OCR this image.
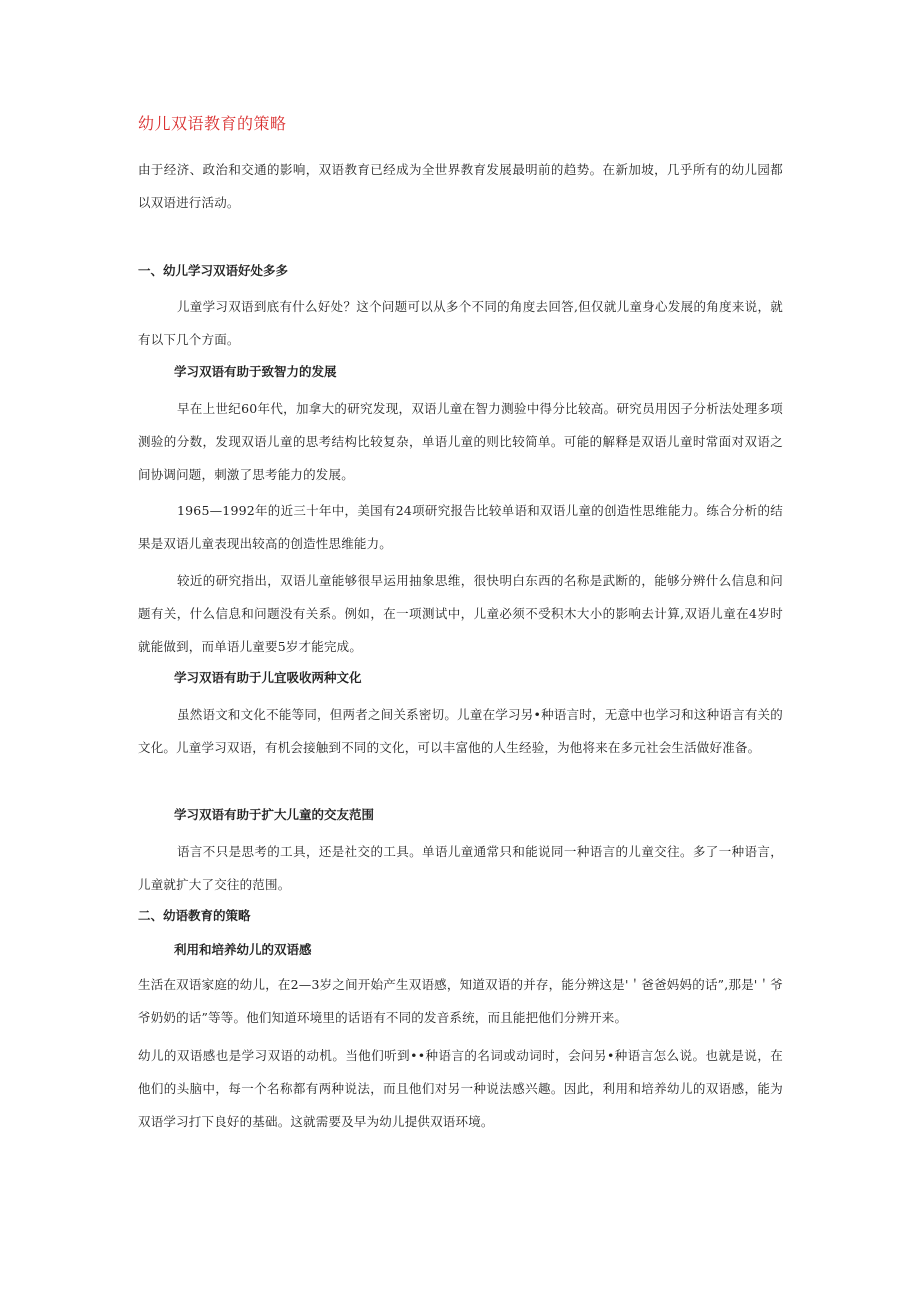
幼儿双语教育的策略
由于经济、政治和交通的影响，双语教育已经成为全世界教育发展最明前的趋势。在新加坡，几乎所有的幼儿园都以双语进行活动。
一、幼儿学习双语好处多多
儿童学习双语到底有什么好处？这个问题可以从多个不同的角度去回答,但仅就儿童身心发展的角度来说，就有以下几个方面。
学习双语有助于致智力的发展
早在上世纪60年代，加拿大的研究发现，双语儿童在智力测验中得分比较高。研究员用因子分析法处理多项测验的分数，发现双语儿童的思考结构比较复杂，单语儿童的则比较简单。可能的解释是双语儿童时常面对双语之间协调问题，刺激了思考能力的发展。
1965—1992年的近三十年中，美国有24项研究报告比较单语和双语儿童的创造性思维能力。练合分析的结果是双语儿童表现出较高的创造性思维能力。
较近的研究指出，双语儿童能够很早运用抽象思维，很快明白东西的名称是武断的，能够分辨什么信息和问题有关，什么信息和问题没有关系。例如，在一项测试中，儿童必须不受积木大小的影响去计算,双语儿童在4岁时就能做到，而单语儿童要5岁才能完成。
学习双语有助于儿宜吸收两种文化
虽然语文和文化不能等同，但两者之间关系密切。儿童在学习另•种语言时，无意中也学习和这种语言有关的文化。儿童学习双语，有机会接触到不同的文化，可以丰富他的人生经验，为他将来在多元社会生活做好准备。
学习双语有助于扩大儿童的交友范围
语言不只是思考的工具，还是社交的工具。单语儿童通常只和能说同一种语言的儿童交往。多了一种语言，儿童就扩大了交往的范围。
二、幼语教育的策略
利用和培养幼儿的双语感
生活在双语家庭的幼儿，在2—3岁之间开始产生双语感，知道双语的并存，能分辨这是'＇爸爸妈妈的话”,那是'＇爷爷奶奶的话”等等。他们知道环境里的话语有不同的发音系统，而且能把他们分辨开来。
幼儿的双语感也是学习双语的动机。当他们听到••种语言的名词或动词时，会问另•种语言怎么说。也就是说，在他们的头脑中，每一个名称都有两种说法，而且他们对另一种说法感兴趣。因此，利用和培养幼儿的双语感，能为双语学习打下良好的基础。这就需要及早为幼儿提供双语环境。
